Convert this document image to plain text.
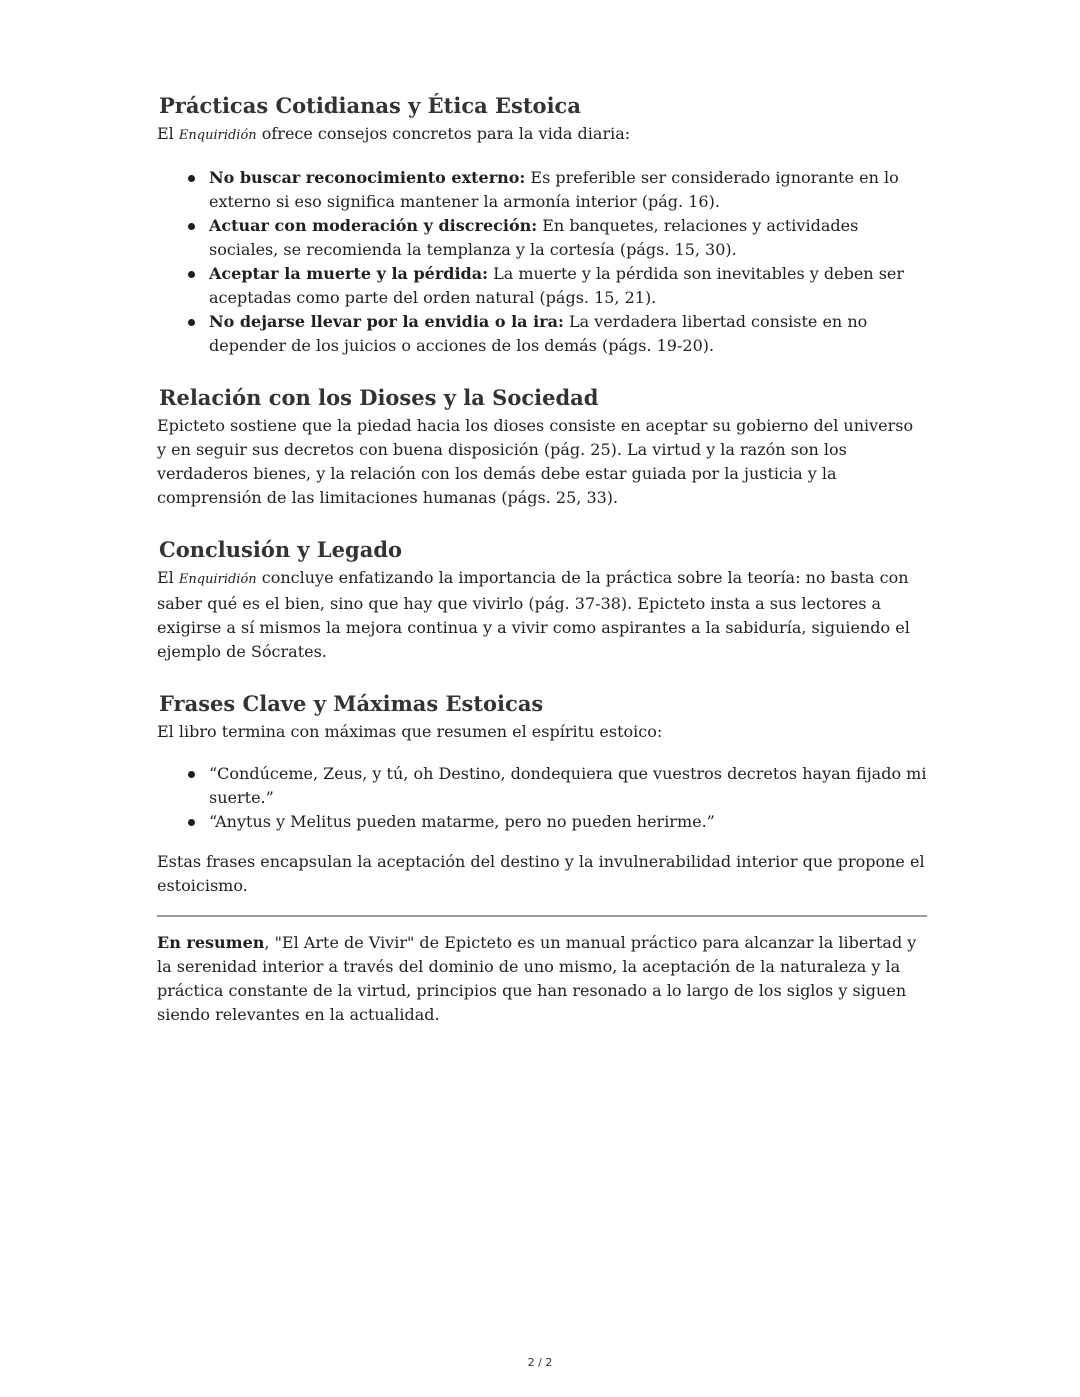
Prácticas Cotidianas y Ética Estoica

El Enquiridión ofrece consejos concretos para la vida diaria:

No buscar reconocimiento externo: Es preferible ser considerado ignorante en lo externo si eso significa mantener la armonía interior (pág. 16).
Actuar con moderación y discreción: En banquetes, relaciones y actividades sociales, se recomienda la templanza y la cortesía (págs. 15, 30).
Aceptar la muerte y la pérdida: La muerte y la pérdida son inevitables y deben ser aceptadas como parte del orden natural (págs. 15, 21).
No dejarse llevar por la envidia o la ira: La verdadera libertad consiste en no depender de los juicios o acciones de los demás (págs. 19-20).
Relación con los Dioses y la Sociedad

Epicteto sostiene que la piedad hacia los dioses consiste en aceptar su gobierno del universo y en seguir sus decretos con buena disposición (pág. 25). La virtud y la razón son los verdaderos bienes, y la relación con los demás debe estar guiada por la justicia y la comprensión de las limitaciones humanas (págs. 25, 33).

Conclusión y Legado

El Enquiridión concluye enfatizando la importancia de la práctica sobre la teoría: no basta con saber qué es el bien, sino que hay que vivirlo (pág. 37-38). Epicteto insta a sus lectores a exigirse a sí mismos la mejora continua y a vivir como aspirantes a la sabiduría, siguiendo el ejemplo de Sócrates.

Frases Clave y Máximas Estoicas

El libro termina con máximas que resumen el espíritu estoico:

“Condúceme, Zeus, y tú, oh Destino, dondequiera que vuestros decretos hayan fijado mi suerte.”
“Anytus y Melitus pueden matarme, pero no pueden herirme.”

Estas frases encapsulan la aceptación del destino y la invulnerabilidad interior que propone el estoicismo.

En resumen, "El Arte de Vivir" de Epicteto es un manual práctico para alcanzar la libertad y la serenidad interior a través del dominio de uno mismo, la aceptación de la naturaleza y la práctica constante de la virtud, principios que han resonado a lo largo de los siglos y siguen siendo relevantes en la actualidad.

2 / 2
